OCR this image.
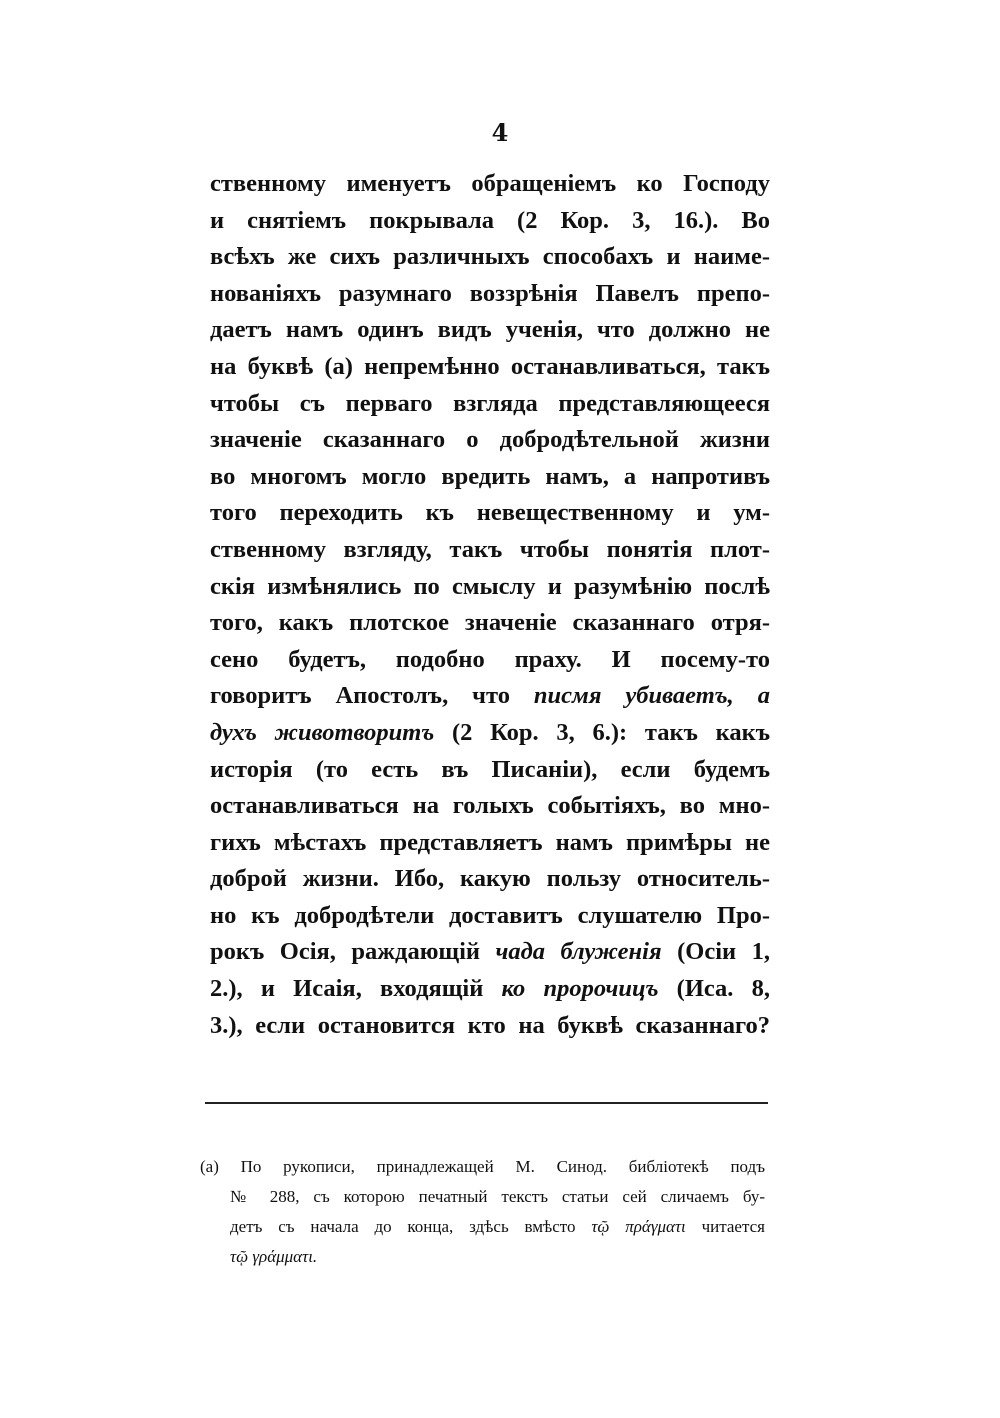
4
ственному именуетъ обращеніемъ ко Господу
и снятіемъ покрывала (2 Кор. 3, 16.). Во
всѣхъ же сихъ различныхъ способахъ и наиме-
нованіяхъ разумнаго воззрѣнія Павелъ препо-
даетъ намъ одинъ видъ ученія, что должно не
на буквѣ (а) непремѣнно останавливаться, такъ
чтобы съ перваго взгляда представляющееся
значеніе сказаннаго о добродѣтельной жизни
во многомъ могло вредить намъ, а напротивъ
того переходить къ невещественному и ум-
ственному взгляду, такъ чтобы понятія плот-
скія измѣнялись по смыслу и разумѣнію послѣ
того, какъ плотское значеніе сказаннаго отря-
сено будетъ, подобно праху. И посему-то
говоритъ Апостолъ, что писмя убиваетъ, а
духъ животворитъ (2 Кор. 3, 6.): такъ какъ
исторія (то есть въ Писаніи), если будемъ
останавливаться на голыхъ событіяхъ, во мно-
гихъ мѣстахъ представляетъ намъ примѣры не
доброй жизни. Ибо, какую пользу относитель-
но къ добродѣтели доставитъ слушателю Про-
рокъ Осія, раждающій чада блуженія (Осіи 1,
2.), и Исаія, входящій ко пророчицъ (Иса. 8,
3.), если остановится кто на буквѣ сказаннаго?
(а) По рукописи, принадлежащей М. Синод. библіотекѣ подъ
№ 288, съ которою печатный текстъ статьи сей сличаемъ бу-
детъ съ начала до конца, здѣсь вмѣсто τῷ πράγματι читается
τῷ γράμματι.
